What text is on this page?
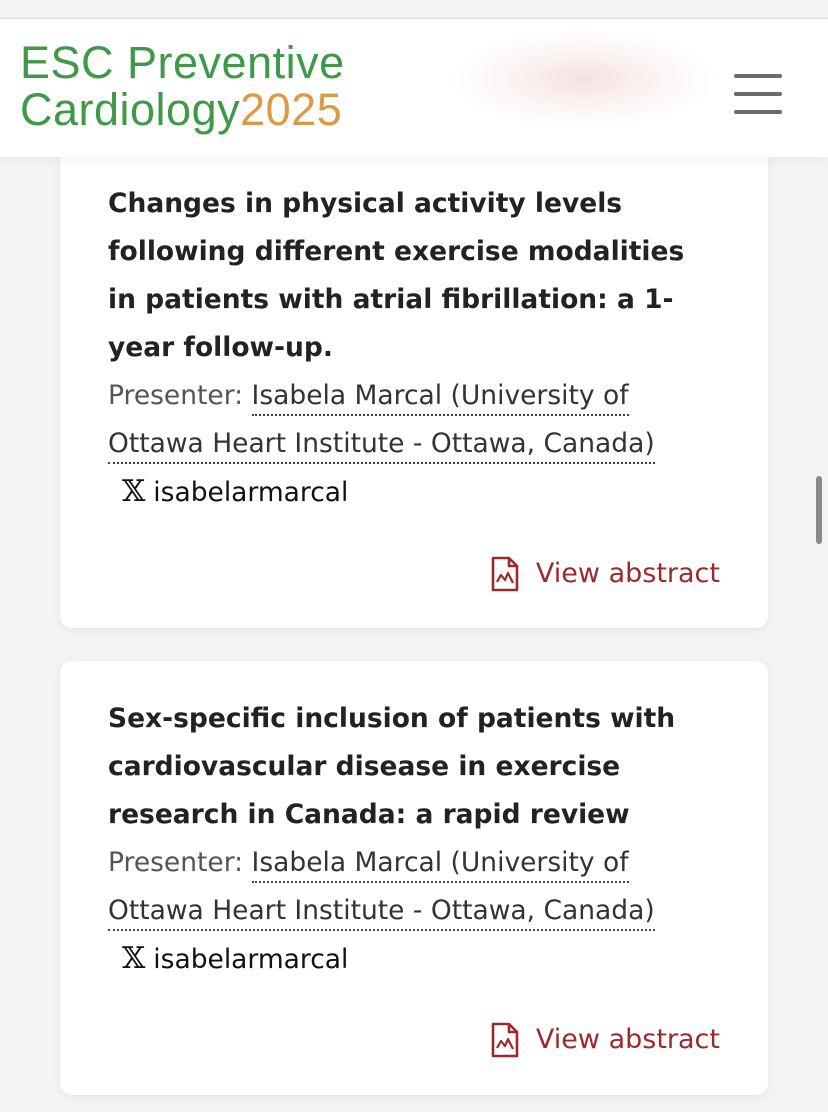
ESC Preventive
Cardiology2025
Changes in physical activity levels following different exercise modalities in patients with atrial fibrillation: a 1-year follow-up.
Presenter: Isabela Marcal (University of Ottawa Heart Institute - Ottawa, Canada)
𝕏 isabelarmarcal
View abstract
Sex-specific inclusion of patients with cardiovascular disease in exercise research in Canada: a rapid review
Presenter: Isabela Marcal (University of Ottawa Heart Institute - Ottawa, Canada)
𝕏 isabelarmarcal
View abstract
